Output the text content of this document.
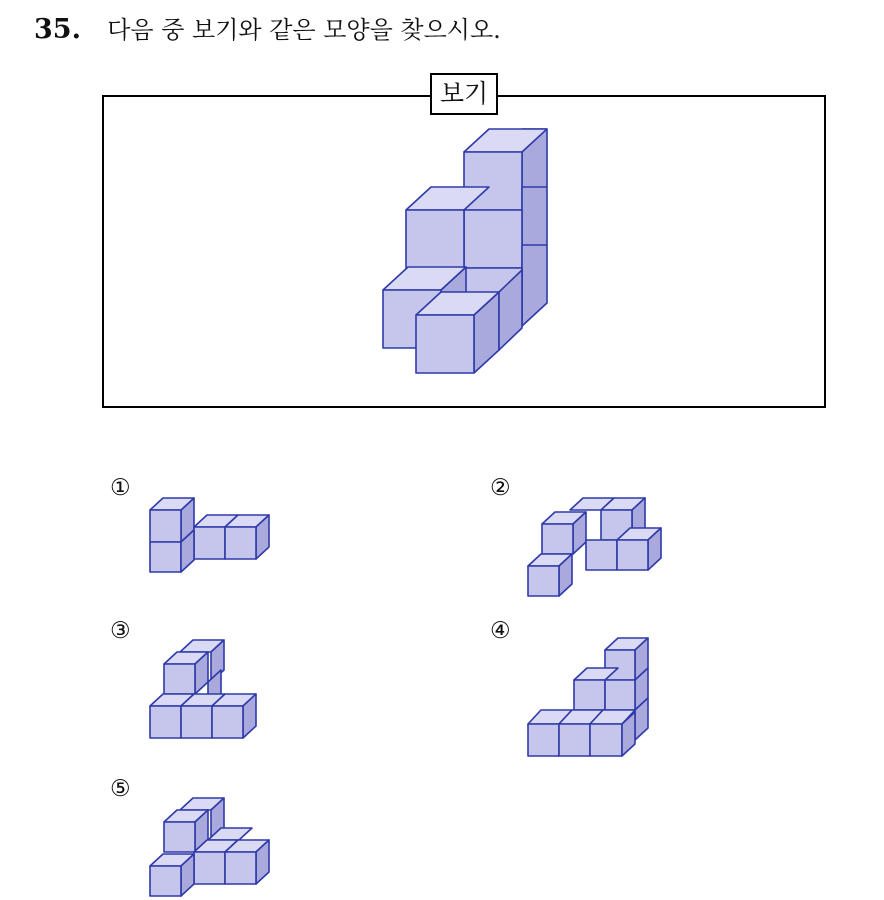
35. 다음 중 보기와 같은 모양을 찾으시오.
보기
①	②
③	④
⑤
